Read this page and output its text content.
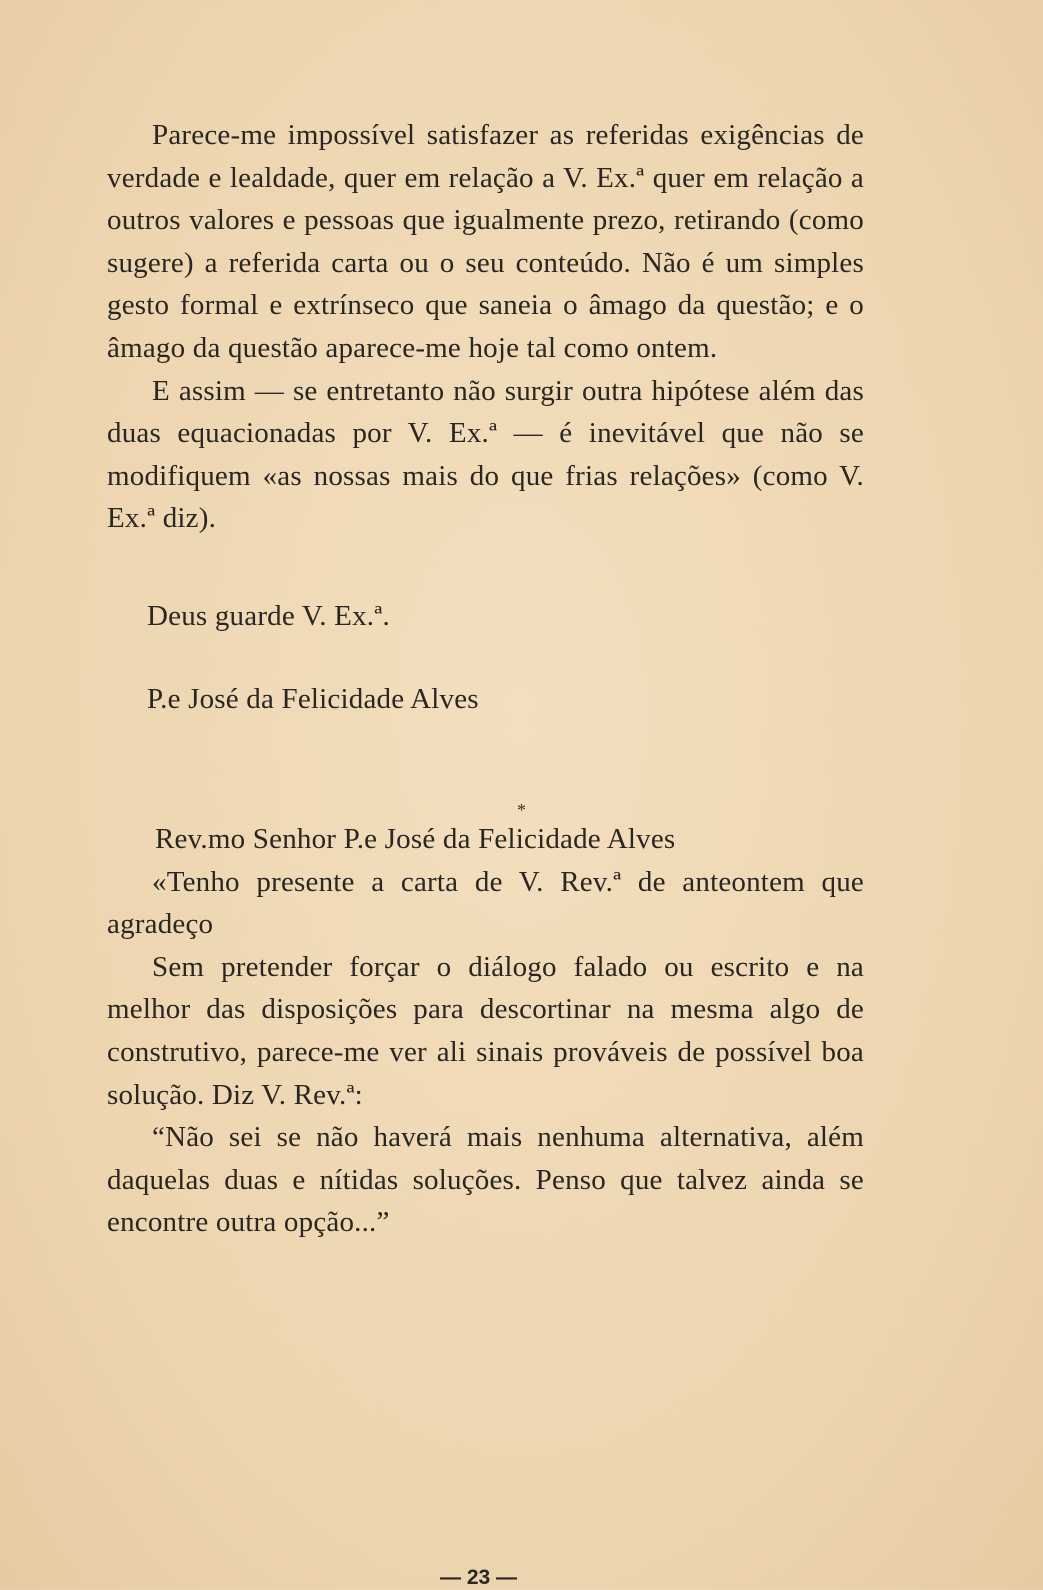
Parece-me impossível satisfazer as referidas exigências de verdade e lealdade, quer em relação a V. Ex.ª quer em relação a outros valores e pessoas que igualmente prezo, retirando (como sugere) a referida carta ou o seu conteúdo. Não é um simples gesto formal e extrínseco que saneia o âmago da questão; e o âmago da questão aparece-me hoje tal como ontem.

E assim — se entretanto não surgir outra hipótese além das duas equacionadas por V. Ex.ª — é inevitável que não se modifiquem «as nossas mais do que frias relações» (como V. Ex.ª diz).

Deus guarde V. Ex.ª.

P.e José da Felicidade Alves

*

Rev.mo Senhor P.e José da Felicidade Alves

«Tenho presente a carta de V. Rev.ª de anteontem que agradeço

Sem pretender forçar o diálogo falado ou escrito e na melhor das disposições para descortinar na mesma algo de construtivo, parece-me ver ali sinais prováveis de possível boa solução. Diz V. Rev.ª:

“Não sei se não haverá mais nenhuma alternativa, além daquelas duas e nítidas soluções. Penso que talvez ainda se encontre outra opção...”

— 23 —
